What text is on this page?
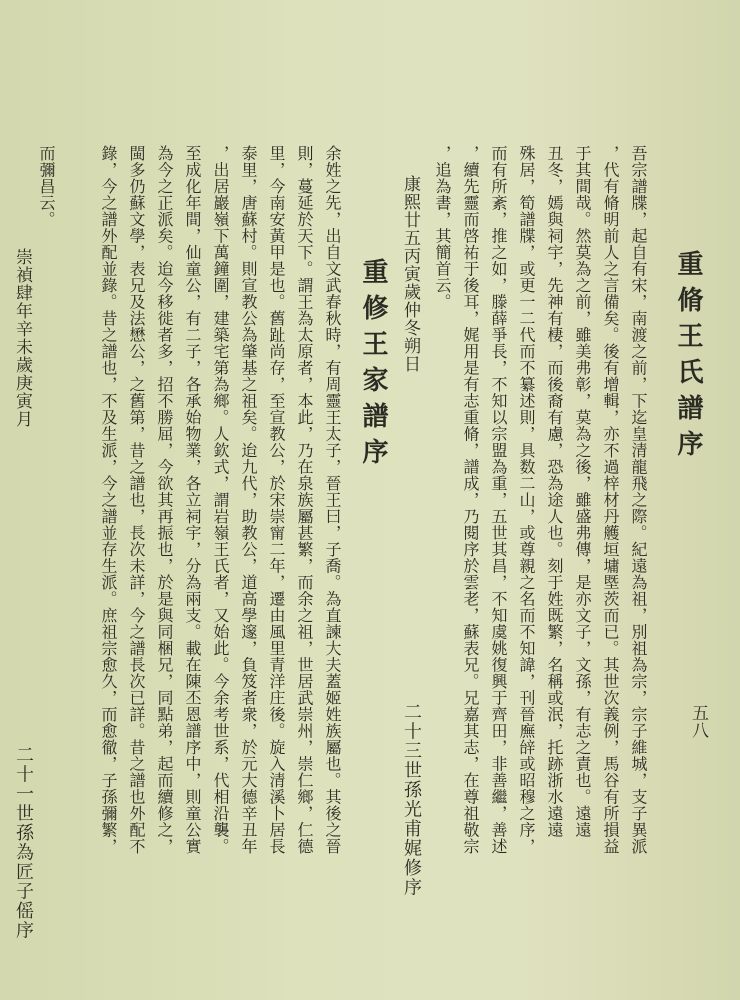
五八
重脩王氏譜序
吾宗譜牒，起自有宋，南渡之前，下迄皇清龍飛之際。紀遠為祖，別祖為宗，宗子維城，支子異派
，代有脩明前人之言備矣。後有增輯，亦不過梓材丹艧垣墉塈茨而已。其世次義例，馬谷有所損益
于其間哉。然莫為之前，雖美弗彰，莫為之後，雖盛弗傳，是亦文子，文孫，有志之責也。遠遠
丑冬，嫣與祠宇，先神有棲，而後裔有慮，恐為途人也。刻于姓既繁，名稱或泯，托跡浙水遠遠
殊居，筍譜牒，或更一二代而不纂述則，具数二山，或尊親之名而不知諱，刊晉廡辝或昭穆之序，
而有所紊，推之如，滕薛爭長，不知以宗盟為重，五世其昌，不知虞姚復興于齊田，非善繼，善述
，續先靈而啓祐于後耳，娓用是有志重脩，譜成，乃閱序於雲老，蘇表兄。兄嘉其志，在尊祖敬宗
，追為書，其簡首云。
康熙廿五丙寅歲仲冬朔日
二十三世孫光甫娓修序
重修王家譜序
余姓之先，出自文武春秋時，有周靈王太子，晉王曰，子喬。為直諫大夫蓋姬姓族屬也。其後之晉
則，蔓延於天下。謂王為太原者，本此，乃在泉族屬甚繁，而余之祖，世居武崇州，崇仁鄉，仁德
里，今南安黃甲是也。舊趾尚存，至宣教公，於宋崇甯二年，遷由風里青洋庄後。旋入清溪卜居長
泰里，唐蘇村。則宣教公為肇基之祖矣。迨九代，助教公，道高學邃，負笈者衆，於元大德辛丑年
，出居巖嶺下萬鐘圍，建築宅第為鄉。人欽式，謂岩嶺王氏者，又始此。今余考世系，代相沿襲。
至成化年間，仙童公，有二子，各承始物業，各立祠宇，分為兩支。載在陳丕恩譜序中，則童公實
為今之正派矣。迨今移徙者多，招不勝屈，今欲其再振也，於是與同梱兄，同點弟，起而續修之，
閩多仍蘇文學，表兄及法懋公，之舊第，昔之譜也，長次未詳，今之譜長次已詳。昔之譜也外配不
錄，今之譜外配並錄。昔之譜也，不及生派，今之譜並存生派。庶祖宗愈久，而愈徹，子孫彌繁，
而彌昌云。
崇禎肆年辛未歲庚寅月
二十一世孫為匠子傜序
